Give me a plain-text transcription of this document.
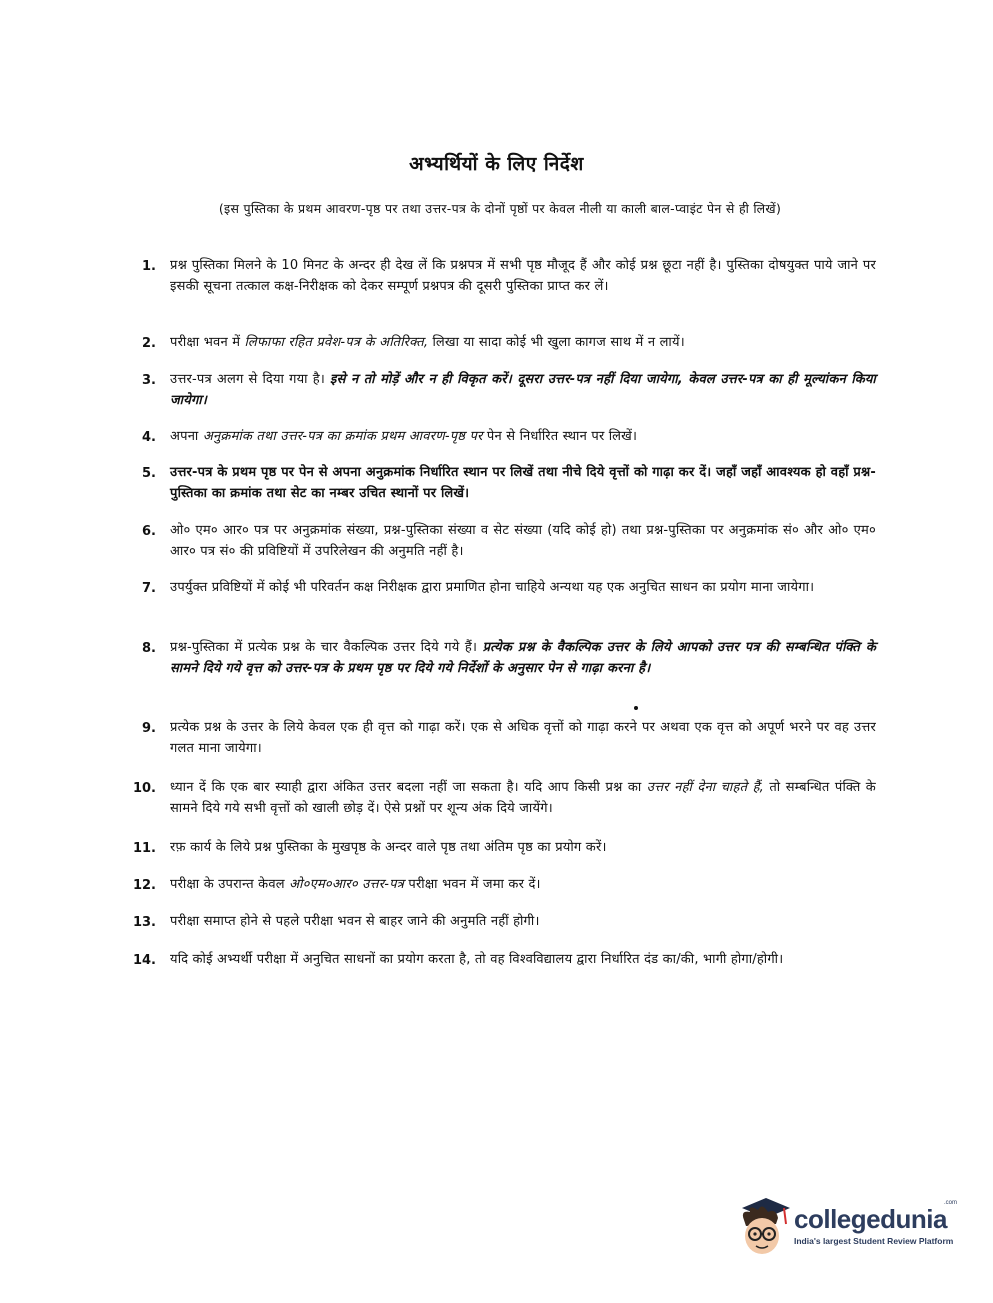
अभ्यर्थियों के लिए निर्देश
(इस पुस्तिका के प्रथम आवरण-पृष्ठ पर तथा उत्तर-पत्र के दोनों पृष्ठों पर केवल नीली या काली बाल-प्वाइंट पेन से ही लिखें)
1. प्रश्न पुस्तिका मिलने के 10 मिनट के अन्दर ही देख लें कि प्रश्नपत्र में सभी पृष्ठ मौजूद हैं और कोई प्रश्न छूटा नहीं है। पुस्तिका दोषयुक्त पाये जाने पर इसकी सूचना तत्काल कक्ष-निरीक्षक को देकर सम्पूर्ण प्रश्नपत्र की दूसरी पुस्तिका प्राप्त कर लें।
2. परीक्षा भवन में लिफाफा रहित प्रवेश-पत्र के अतिरिक्त, लिखा या सादा कोई भी खुला कागज साथ में न लायें।
3. उत्तर-पत्र अलग से दिया गया है। इसे न तो मोड़ें और न ही विकृत करें। दूसरा उत्तर-पत्र नहीं दिया जायेगा, केवल उत्तर-पत्र का ही मूल्यांकन किया जायेगा।
4. अपना अनुक्रमांक तथा उत्तर-पत्र का क्रमांक प्रथम आवरण-पृष्ठ पर पेन से निर्धारित स्थान पर लिखें।
5. उत्तर-पत्र के प्रथम पृष्ठ पर पेन से अपना अनुक्रमांक निर्धारित स्थान पर लिखें तथा नीचे दिये वृत्तों को गाढ़ा कर दें। जहाँ जहाँ आवश्यक हो वहाँ प्रश्न-पुस्तिका का क्रमांक तथा सेट का नम्बर उचित स्थानों पर लिखें।
6. ओ० एम० आर० पत्र पर अनुक्रमांक संख्या, प्रश्न-पुस्तिका संख्या व सेट संख्या (यदि कोई हो) तथा प्रश्न-पुस्तिका पर अनुक्रमांक सं० और ओ० एम० आर० पत्र सं० की प्रविष्टियों में उपरिलेखन की अनुमति नहीं है।
7. उपर्युक्त प्रविष्टियों में कोई भी परिवर्तन कक्ष निरीक्षक द्वारा प्रमाणित होना चाहिये अन्यथा यह एक अनुचित साधन का प्रयोग माना जायेगा।
8. प्रश्न-पुस्तिका में प्रत्येक प्रश्न के चार वैकल्पिक उत्तर दिये गये हैं। प्रत्येक प्रश्न के वैकल्पिक उत्तर के लिये आपको उत्तर पत्र की सम्बन्धित पंक्ति के सामने दिये गये वृत्त को उत्तर-पत्र के प्रथम पृष्ठ पर दिये गये निर्देशों के अनुसार पेन से गाढ़ा करना है।
9. प्रत्येक प्रश्न के उत्तर के लिये केवल एक ही वृत्त को गाढ़ा करें। एक से अधिक वृत्तों को गाढ़ा करने पर अथवा एक वृत्त को अपूर्ण भरने पर वह उत्तर गलत माना जायेगा।
10. ध्यान दें कि एक बार स्याही द्वारा अंकित उत्तर बदला नहीं जा सकता है। यदि आप किसी प्रश्न का उत्तर नहीं देना चाहते हैं, तो सम्बन्धित पंक्ति के सामने दिये गये सभी वृत्तों को खाली छोड़ दें। ऐसे प्रश्नों पर शून्य अंक दिये जायेंगे।
11. रफ़ कार्य के लिये प्रश्न पुस्तिका के मुखपृष्ठ के अन्दर वाले पृष्ठ तथा अंतिम पृष्ठ का प्रयोग करें।
12. परीक्षा के उपरान्त केवल ओ०एम०आर० उत्तर-पत्र परीक्षा भवन में जमा कर दें।
13. परीक्षा समाप्त होने से पहले परीक्षा भवन से बाहर जाने की अनुमति नहीं होगी।
14. यदि कोई अभ्यर्थी परीक्षा में अनुचित साधनों का प्रयोग करता है, तो वह विश्वविद्यालय द्वारा निर्धारित दंड का/की, भागी होगा/होगी।
collegedunia
.com
India's largest Student Review Platform
